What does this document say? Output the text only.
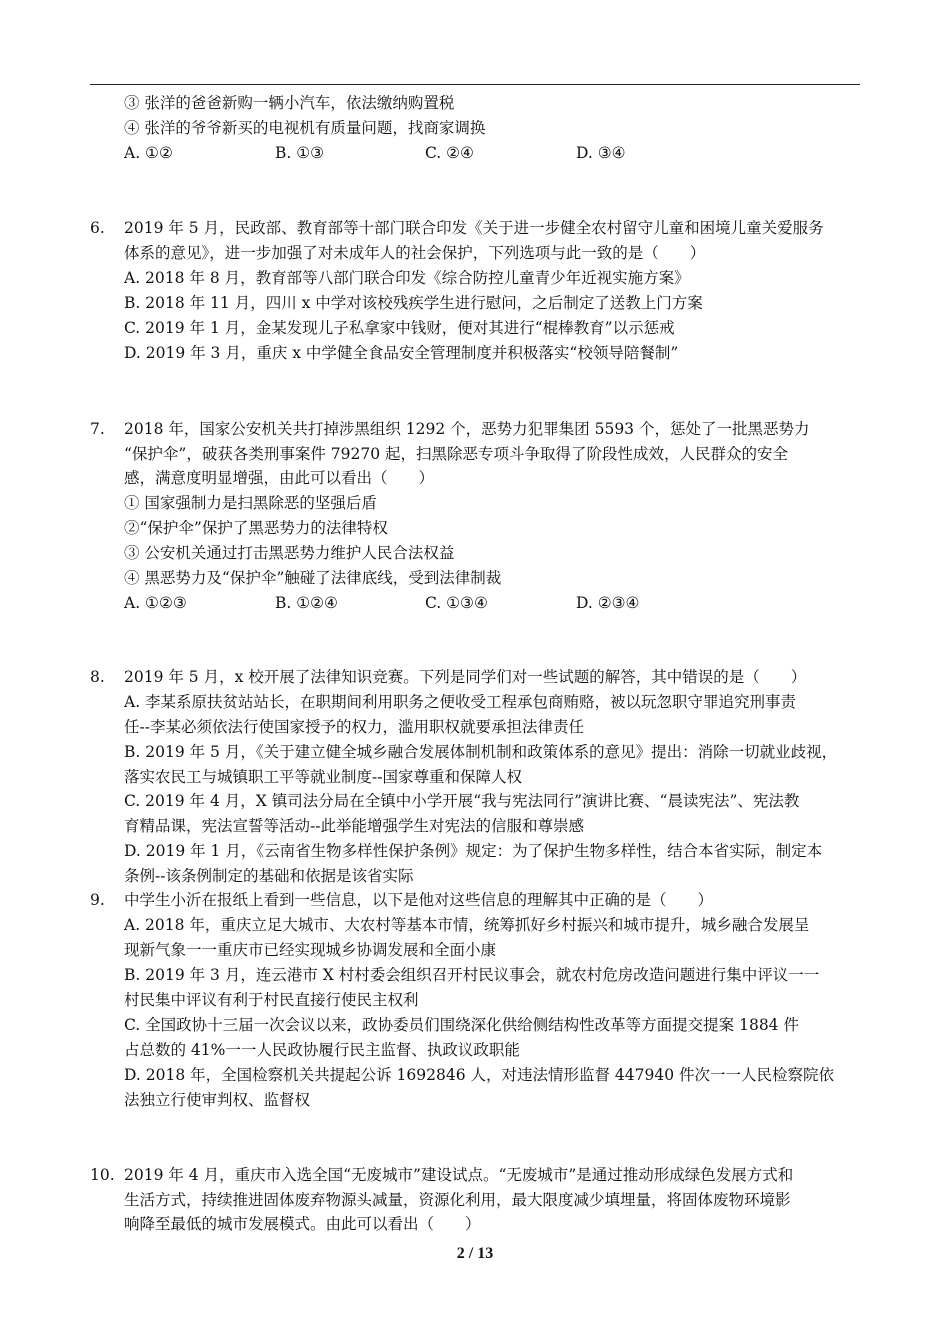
③ 张洋的爸爸新购一辆小汽车，依法缴纳购置税
④ 张洋的爷爷新买的电视机有质量问题，找商家调换
A. ①②	B. ①③	C. ②④	D. ③④
6. 2019 年 5 月，民政部、教育部等十部门联合印发《关于进一步健全农村留守儿童和困境儿童关爱服务
体系的意见》，进一步加强了对未成年人的社会保护，下列选项与此一致的是（　　）
A. 2018 年 8 月，教育部等八部门联合印发《综合防控儿童青少年近视实施方案》
B. 2018 年 11 月，四川 x 中学对该校残疾学生进行慰问，之后制定了送教上门方案
C. 2019 年 1 月，金某发现儿子私拿家中钱财，便对其进行“棍棒教育”以示惩戒
D. 2019 年 3 月，重庆 x 中学健全食品安全管理制度并积极落实“校领导陪餐制”
7. 2018 年，国家公安机关共打掉涉黑组织 1292 个，恶势力犯罪集团 5593 个，惩处了一批黑恶势力
“保护伞”，破获各类刑事案件 79270 起，扫黑除恶专项斗争取得了阶段性成效，人民群众的安全
感，满意度明显增强，由此可以看出（　　）
① 国家强制力是扫黑除恶的坚强后盾
②“保护伞”保护了黑恶势力的法律特权
③ 公安机关通过打击黑恶势力维护人民合法权益
④ 黑恶势力及“保护伞”触碰了法律底线，受到法律制裁
A. ①②③	B. ①②④	C. ①③④	D. ②③④
8. 2019 年 5 月，x 校开展了法律知识竞赛。下列是同学们对一些试题的解答，其中错误的是（　　）
A. 李某系原扶贫站站长，在职期间利用职务之便收受工程承包商贿赂，被以玩忽职守罪追究刑事责
任--李某必须依法行使国家授予的权力，滥用职权就要承担法律责任
B. 2019 年 5 月，《关于建立健全城乡融合发展体制机制和政策体系的意见》提出：消除一切就业歧视，
落实农民工与城镇职工平等就业制度--国家尊重和保障人权
C. 2019 年 4 月，X 镇司法分局在全镇中小学开展“我与宪法同行”演讲比赛、“晨读宪法”、宪法教
育精品课，宪法宣誓等活动--此举能增强学生对宪法的信服和尊崇感
D. 2019 年 1 月，《云南省生物多样性保护条例》规定：为了保护生物多样性，结合本省实际，制定本
条例--该条例制定的基础和依据是该省实际
9. 中学生小沂在报纸上看到一些信息，以下是他对这些信息的理解其中正确的是（　　）
A. 2018 年，重庆立足大城市、大农村等基本市情，统筹抓好乡村振兴和城市提升，城乡融合发展呈
现新气象一一重庆市已经实现城乡协调发展和全面小康
B. 2019 年 3 月，连云港市 X 村村委会组织召开村民议事会，就农村危房改造问题进行集中评议一一
村民集中评议有利于村民直接行使民主权利
C. 全国政协十三届一次会议以来，政协委员们围绕深化供给侧结构性改革等方面提交提案 1884 件
占总数的 41%一一人民政协履行民主监督、执政议政职能
D. 2018 年，全国检察机关共提起公诉 1692846 人，对违法情形监督 447940 件次一一人民检察院依
法独立行使审判权、监督权
10. 2019 年 4 月，重庆市入选全国“无废城市”建设试点。“无废城市”是通过推动形成绿色发展方式和
生活方式，持续推进固体废弃物源头减量，资源化利用，最大限度减少填埋量，将固体废物环境影
响降至最低的城市发展模式。由此可以看出（　　）
2 / 13
